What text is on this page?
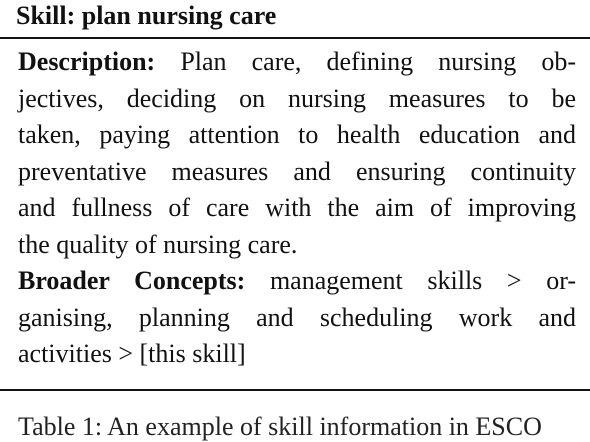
Skill: plan nursing care
Description: Plan care, defining nursing ob-
jectives, deciding on nursing measures to be
taken, paying attention to health education and
preventative measures and ensuring continuity
and fullness of care with the aim of improving
the quality of nursing care.
Broader Concepts: management skills > or-
ganising, planning and scheduling work and
activities > [this skill]
Table 1: An example of skill information in ESCO
